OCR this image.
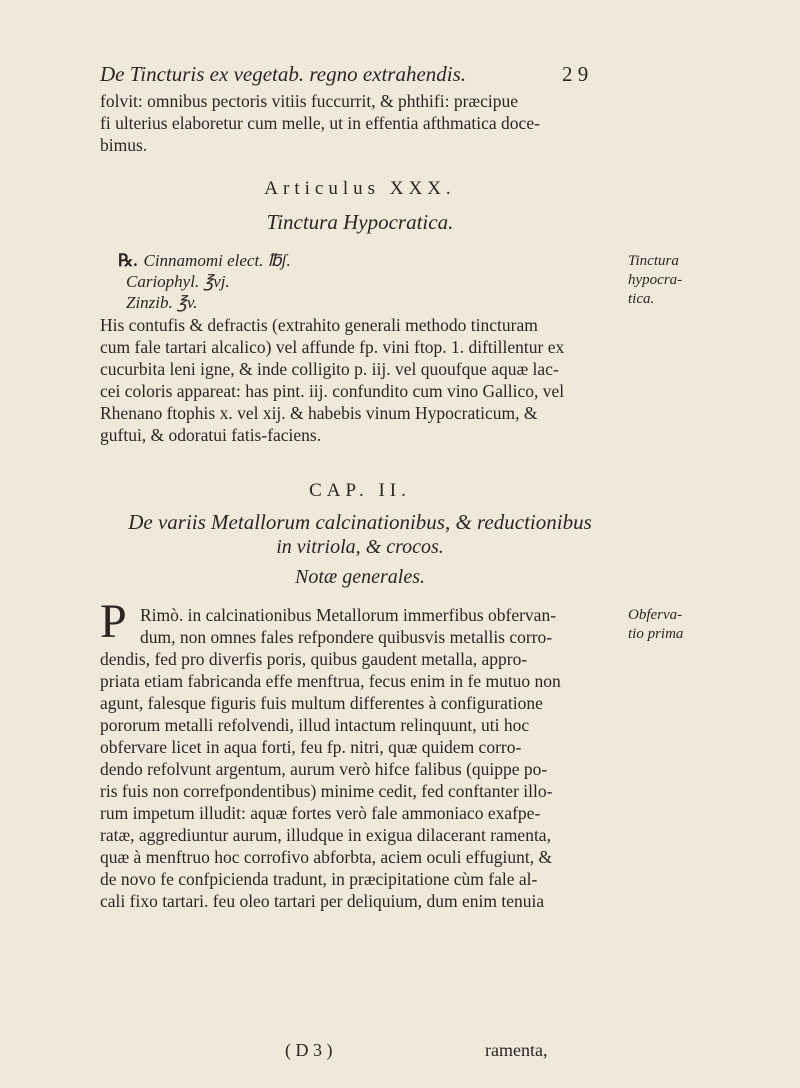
De Tincturis ex vegetab. regno extrahendis.	2 9
folvit: omnibus pectoris vitiis fuccurrit, & phthifi: præcipue
fi ulterius elaboretur cum melle, ut in effentia afthmatica doce-
bimus.
Articulus XXX.
Tinctura Hypocratica.
℞. Cinnamomi elect. ℔ʃ.
Cariophyl. ℥vj.
Zinzib. ℥v.
Tinctura
hypocra-
tica.
His contufis & defractis (extrahito generali methodo tincturam
cum fale tartari alcalico) vel affunde fp. vini ftop. 1. diftillentur ex
cucurbita leni igne, & inde colligito p. iij. vel quoufque aquæ lac-
cei coloris appareat: has pint. iij. confundito cum vino Gallico, vel
Rhenano ftophis x. vel xij. & habebis vinum Hypocraticum, &
guftui, & odoratui fatis-faciens.
CAP. II.
De variis Metallorum calcinationibus, & reductionibus
in vitriola, & crocos.
Notæ generales.
Obferva-
tio prima
P Rimò. in calcinationibus Metallorum immerfibus obfervan-
dum, non omnes fales refpondere quibusvis metallis corro-
dendis, fed pro diverfis poris, quibus gaudent metalla, appro-
priata etiam fabricanda effe menftrua, fecus enim in fe mutuo non
agunt, falesque figuris fuis multum differentes à configuratione
pororum metalli refolvendi, illud intactum relinquunt, uti hoc
obfervare licet in aqua forti, feu fp. nitri, quæ quidem corro-
dendo refolvunt argentum, aurum verò hifce falibus (quippe po-
ris fuis non correfpondentibus) minime cedit, fed conftanter illo-
rum impetum illudit: aquæ fortes verò fale ammoniaco exafpe-
ratæ, aggrediuntur aurum, illudque in exigua dilacerant ramenta,
quæ à menftruo hoc corrofivo abforbta, aciem oculi effugiunt, &
de novo fe confpicienda tradunt, in præcipitatione cùm fale al-
cali fixo tartari. feu oleo tartari per deliquium, dum enim tenuia
( D 3 )	ramenta,
